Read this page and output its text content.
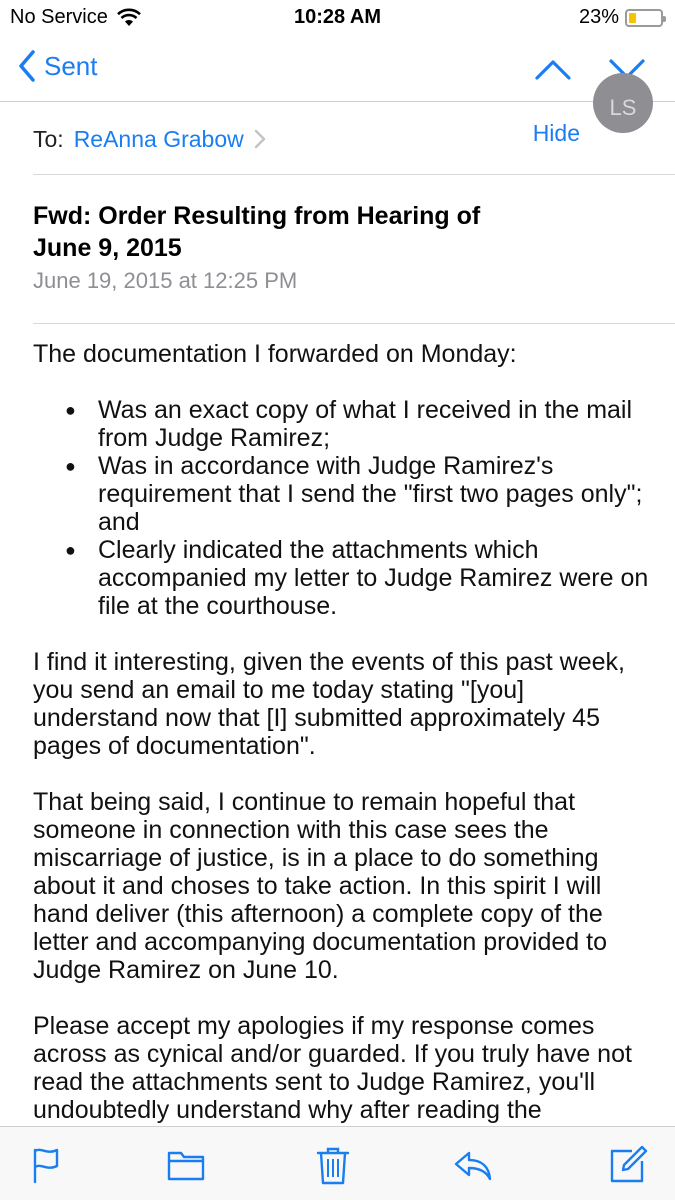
No Service	10:28 AM	23%
Sent
LS
To: ReAnna Grabow	Hide
Fwd: Order Resulting from Hearing of
June 9, 2015
June 19, 2015 at 12:25 PM

The documentation I forwarded on Monday:

● Was an exact copy of what I received in the mail from Judge Ramirez;
● Was in accordance with Judge Ramirez's requirement that I send the "first two pages only"; and
● Clearly indicated the attachments which accompanied my letter to Judge Ramirez were on file at the courthouse.

I find it interesting, given the events of this past week, you send an email to me today stating "[you] understand now that [I] submitted approximately 45 pages of documentation".

That being said, I continue to remain hopeful that someone in connection with this case sees the miscarriage of justice, is in a place to do something about it and choses to take action. In this spirit I will hand deliver (this afternoon) a complete copy of the letter and accompanying documentation provided to Judge Ramirez on June 10.

Please accept my apologies if my response comes across as cynical and/or guarded. If you truly have not read the attachments sent to Judge Ramirez, you'll undoubtedly understand why after reading the
